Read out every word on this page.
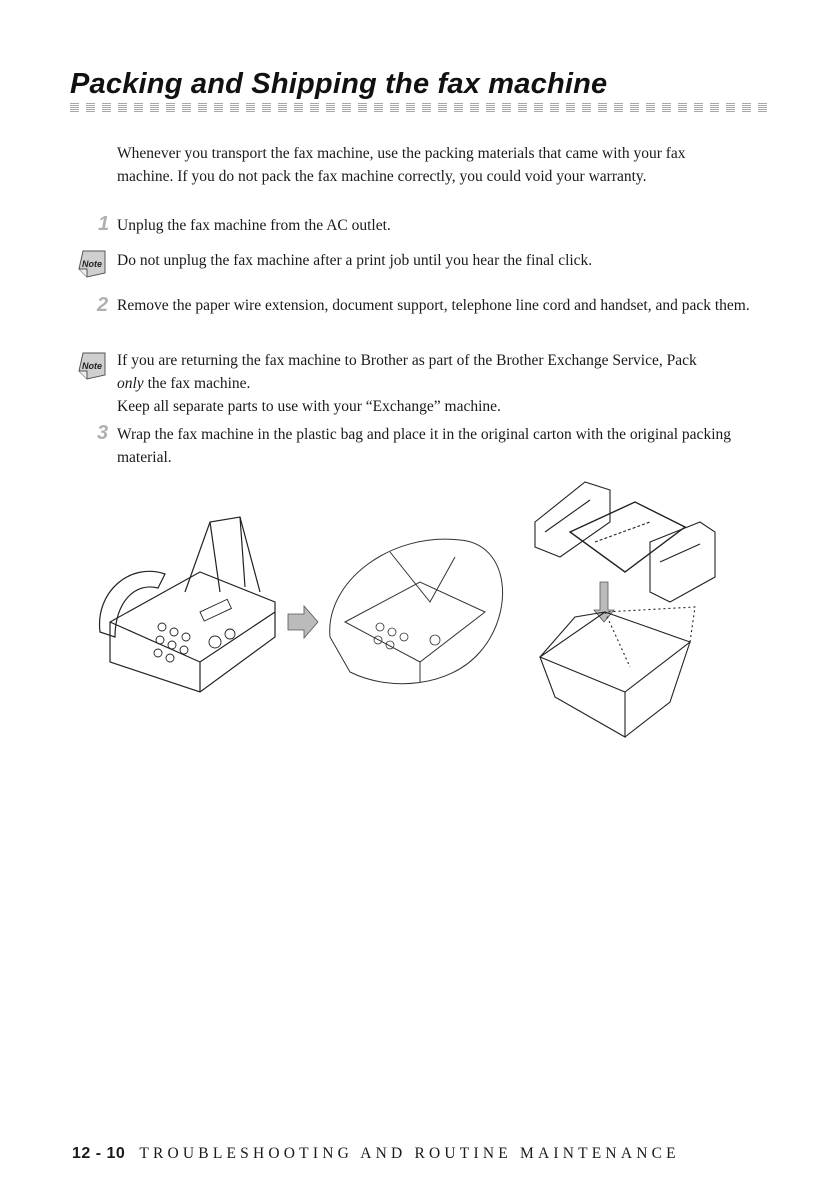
Packing and Shipping the fax machine

Whenever you transport the fax machine, use the packing materials that came with your fax machine. If you do not pack the fax machine correctly, you could void your warranty.

1 Unplug the fax machine from the AC outlet.

Note Do not unplug the fax machine after a print job until you hear the final click.

2 Remove the paper wire extension, document support, telephone line cord and handset, and pack them.

Note If you are returning the fax machine to Brother as part of the Brother Exchange Service, Pack only the fax machine.

Keep all separate parts to use with your “Exchange” machine.

3 Wrap the fax machine in the plastic bag and place it in the original carton with the original packing material.

12 - 10 TROUBLESHOOTING AND ROUTINE MAINTENANCE
